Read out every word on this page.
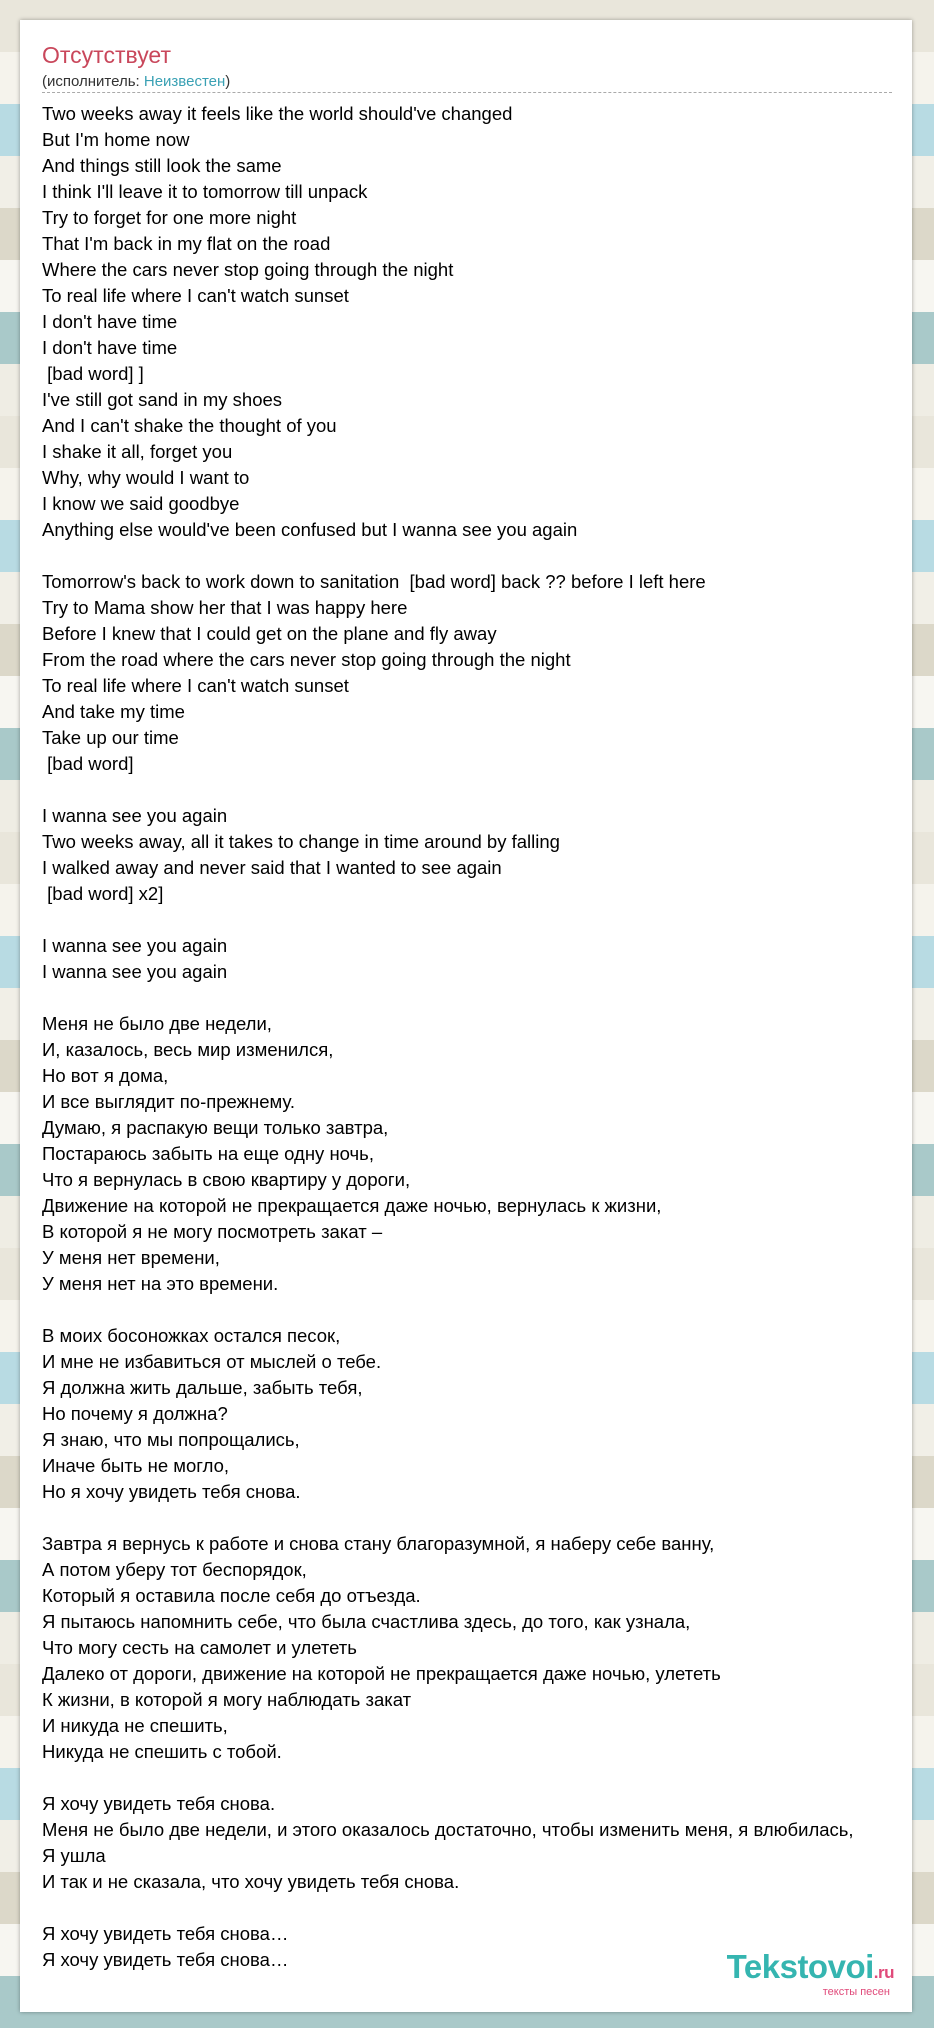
Отсутствует
(исполнитель: Неизвестен)
Two weeks away it feels like the world should've changed
But I'm home now
And things still look the same
I think I'll leave it to tomorrow till unpack
Try to forget for one more night
That I'm back in my flat on the road
Where the cars never stop going through the night
To real life where I can't watch sunset
I don't have time
I don't have time
[bad word] ]
I've still got sand in my shoes
And I can't shake the thought of you
I shake it all, forget you
Why, why would I want to
I know we said goodbye
Anything else would've been confused but I wanna see you again
Tomorrow's back to work down to sanitation  [bad word] back ?? before I left here
Try to Mama show her that I was happy here
Before I knew that I could get on the plane and fly away
From the road where the cars never stop going through the night
To real life where I can't watch sunset
And take my time
Take up our time
[bad word]
I wanna see you again
Two weeks away, all it takes to change in time around by falling
I walked away and never said that I wanted to see again
[bad word] x2]
I wanna see you again
I wanna see you again
Меня не было две недели,
И, казалось, весь мир изменился,
Но вот я дома,
И все выглядит по-прежнему.
Думаю, я распакую вещи только завтра,
Постараюсь забыть на еще одну ночь,
Что я вернулась в свою квартиру у дороги,
Движение на которой не прекращается даже ночью, вернулась к жизни,
В которой я не могу посмотреть закат –
У меня нет времени,
У меня нет на это времени.
В моих босоножках остался песок,
И мне не избавиться от мыслей о тебе.
Я должна жить дальше, забыть тебя,
Но почему я должна?
Я знаю, что мы попрощались,
Иначе быть не могло,
Но я хочу увидеть тебя снова.
Завтра я вернусь к работе и снова стану благоразумной, я наберу себе ванну,
А потом уберу тот беспорядок,
Который я оставила после себя до отъезда.
Я пытаюсь напомнить себе, что была счастлива здесь, до того, как узнала,
Что могу сесть на самолет и улететь
Далеко от дороги, движение на которой не прекращается даже ночью, улететь
К жизни, в которой я могу наблюдать закат
И никуда не спешить,
Никуда не спешить с тобой.
Я хочу увидеть тебя снова.
Меня не было две недели, и этого оказалось достаточно, чтобы изменить меня, я влюбилась,
Я ушла
И так и не сказала, что хочу увидеть тебя снова.
Я хочу увидеть тебя снова…
Я хочу увидеть тебя снова…	Tekstovoi.ru
тексты песен
